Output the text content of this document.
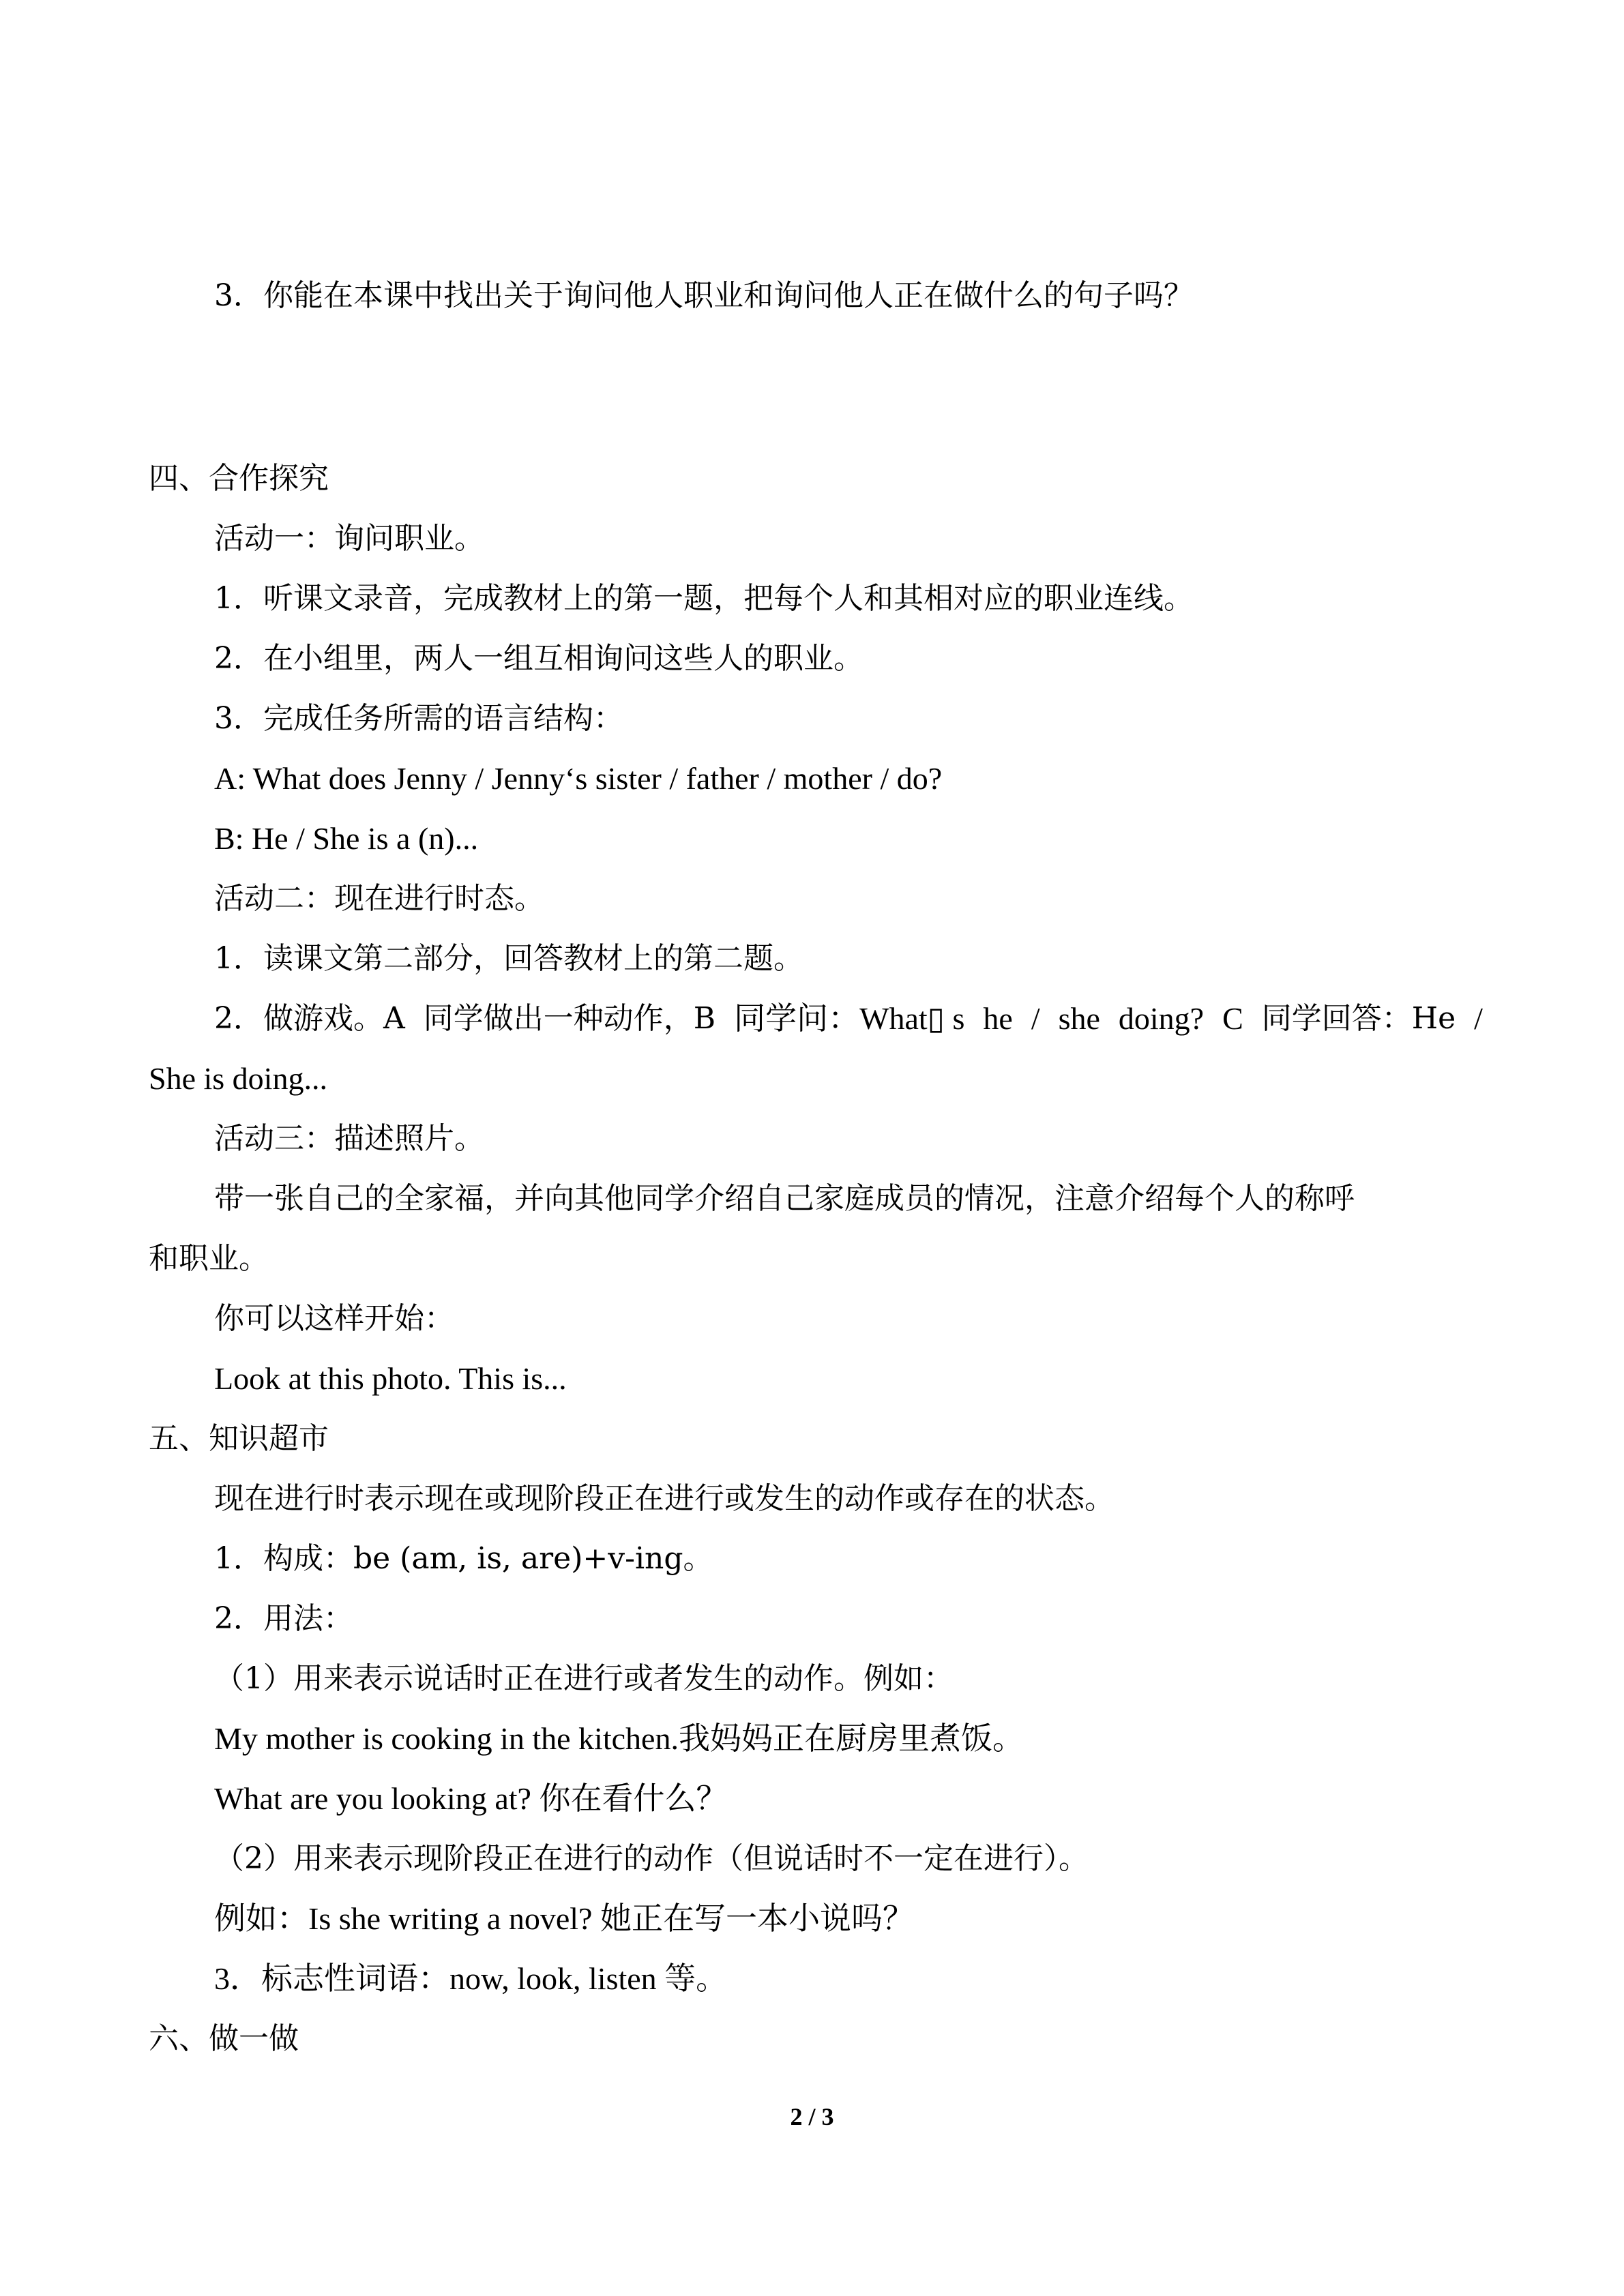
3．你能在本课中找出关于询问他人职业和询问他人正在做什么的句子吗？
四、合作探究
活动一：询问职业。
1．听课文录音，完成教材上的第一题，把每个人和其相对应的职业连线。
2．在小组里，两人一组互相询问这些人的职业。
3．完成任务所需的语言结构：
A: What does Jenny / Jenny‘s sister / father / mother / do?
B: He / She is a (n)...
活动二：现在进行时态。
1．读课文第二部分，回答教材上的第二题。
2．做游戏。A 同学做出一种动作，B 同学问：What▯ s he / she doing? C 同学回答：He /
She is doing...
活动三：描述照片。
带一张自己的全家福，并向其他同学介绍自己家庭成员的情况，注意介绍每个人的称呼
和职业。
你可以这样开始：
Look at this photo. This is...
五、知识超市
现在进行时表示现在或现阶段正在进行或发生的动作或存在的状态。
1．构成：be (am, is, are)+v-ing。
2．用法：
（1）用来表示说话时正在进行或者发生的动作。例如：
My mother is cooking in the kitchen.我妈妈正在厨房里煮饭。
What are you looking at? 你在看什么？
（2）用来表示现阶段正在进行的动作（但说话时不一定在进行）。
例如：Is she writing a novel? 她正在写一本小说吗？
3．标志性词语：now, look, listen 等。
六、做一做
2 / 3
